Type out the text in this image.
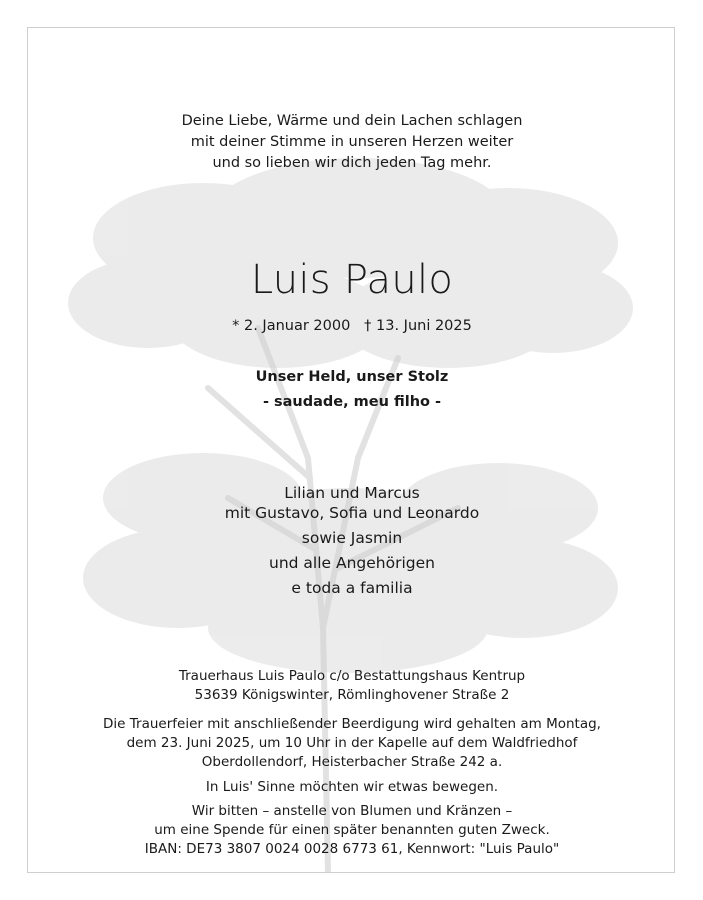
Deine Liebe, Wärme und dein Lachen schlagen
mit deiner Stimme in unseren Herzen weiter
und so lieben wir dich jeden Tag mehr.
Luis Paulo
* 2. Januar 2000   † 13. Juni 2025
Unser Held, unser Stolz
- saudade, meu filho -
Lilian und Marcus
mit Gustavo, Sofia und Leonardo
sowie Jasmin
und alle Angehörigen
e toda a familia
Trauerhaus Luis Paulo c/o Bestattungshaus Kentrup
53639 Königswinter, Römlinghovener Straße 2
Die Trauerfeier mit anschließender Beerdigung wird gehalten am Montag,
dem 23. Juni 2025, um 10 Uhr in der Kapelle auf dem Waldfriedhof
Oberdollendorf, Heisterbacher Straße 242 a.
In Luis' Sinne möchten wir etwas bewegen.
Wir bitten – anstelle von Blumen und Kränzen –
um eine Spende für einen später benannten guten Zweck.
IBAN: DE73 3807 0024 0028 6773 61, Kennwort: "Luis Paulo"
